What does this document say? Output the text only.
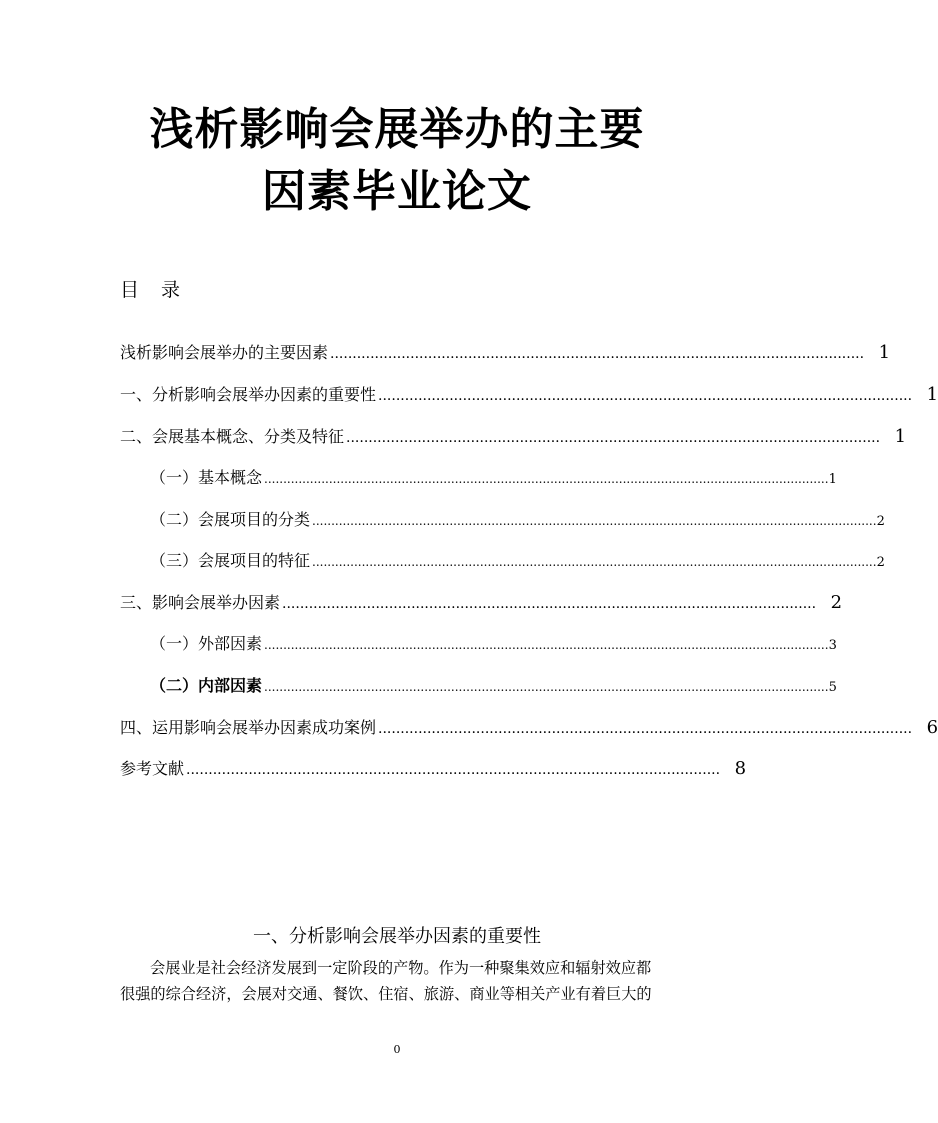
浅析影响会展举办的主要
因素毕业论文
目 录
浅析影响会展举办的主要因素 ........................................................................................................................ 1
一、分析影响会展举办因素的重要性 ........................................................................................................................ 1
二、会展基本概念、分类及特征 ........................................................................................................................ 1
（一）基本概念 .................................................................................................................................................... 1
（二）会展项目的分类 .................................................................................................................................................... 2
（三）会展项目的特征 .................................................................................................................................................... 2
三、影响会展举办因素 ........................................................................................................................ 2
（一）外部因素 .................................................................................................................................................... 3
（二）内部因素 .................................................................................................................................................... 5
四、运用影响会展举办因素成功案例 ........................................................................................................................ 6
参考文献 ........................................................................................................................ 8
一、分析影响会展举办因素的重要性

会展业是社会经济发展到一定阶段的产物。作为一种聚集效应和辐射效应都
很强的综合经济，会展对交通、餐饮、住宿、旅游、商业等相关产业有着巨大的

0
